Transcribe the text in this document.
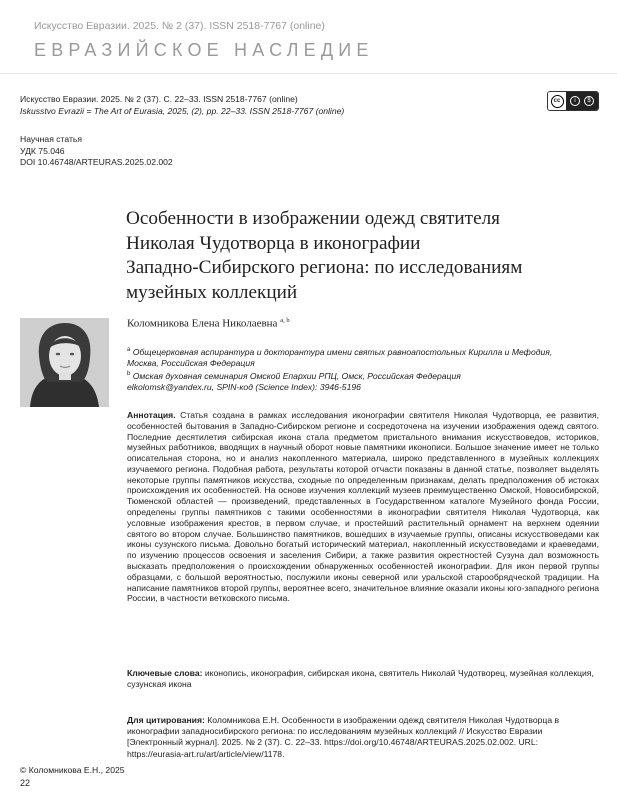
Искусство Евразии. 2025. № 2 (37). ISSN 2518-7767 (online)
ЕВРАЗИЙСКОЕ НАСЛЕДИЕ
Искусство Евразии. 2025. № 2 (37). С. 22–33. ISSN 2518-7767 (online)
Iskusstvo Evrazii = The Art of Eurasia, 2025, (2), pp. 22–33. ISSN 2518-7767 (online)
cc	i	$
Научная статья
УДК 75.046
DOI 10.46748/ARTEURAS.2025.02.002
Особенности в изображении одежд святителя
Николая Чудотворца в иконографии
Западно-Сибирского региона: по исследованиям
музейных коллекций
Коломникова Елена Николаевна $^{a, b}$
$^a$ Общецерковная аспирантура и докторантура имени святых равноапостольных Кирилла и Мефодия,
Москва, Российская Федерация
$^b$ Омская духовная семинария Омской Епархии РПЦ, Омск, Российская Федерация
elkolomsk@yandex.ru, SPIN-код (Science Index): 3946-5196
Аннотация. Статья создана в рамках исследования иконографии святителя Николая Чудотворца, ее развития, особенностей бытования в Западно-Сибирском регионе и сосредоточена на изучении изображения одежд святого. Последние десятилетия сибирская икона стала предметом пристального внимания искусствоведов, историков, музейных работников, вводящих в научный оборот новые памятники иконописи. Большое значение имеет не только описательная сторона, но и анализ накопленного материала, широко представленного в музейных коллекциях изучаемого региона. Подобная работа, результаты которой отчасти показаны в данной статье, позволяет выделять некоторые группы памятников искусства, сходные по определенным признакам, делать предположения об истоках происхождения их особенностей. На основе изучения коллекций музеев преимущественно Омской, Новосибирской, Тюменской областей — произведений, представленных в Государственном каталоге Музейного фонда России, определены группы памятников с такими особенностями в иконографии святителя Николая Чудотворца, как условные изображения крестов, в первом случае, и простейший растительный орнамент на верхнем одеянии святого во втором случае. Большинство памятников, вошедших в изучаемые группы, описаны искусствоведами как иконы сузунского письма. Довольно богатый исторический материал, накопленный искусствоведами и краеведами, по изучению процессов освоения и заселения Сибири, а также развития окрестностей Сузуна дал возможность высказать предположения о происхождении обнаруженных особенностей иконографии. Для икон первой группы образцами, с большой вероятностью, послужили иконы северной или уральской старообрядческой традиции. На написание памятников второй группы, вероятнее всего, значительное влияние оказали иконы юго-западного региона России, в частности ветковского письма.
Ключевые слова: иконопись, иконография, сибирская икона, святитель Николай Чудотворец, музейная коллекция, сузунская икона
Для цитирования: Коломникова Е.Н. Особенности в изображении одежд святителя Николая Чудотворца в иконографии западносибирского региона: по исследованиям музейных коллекций // Искусство Евразии [Электронный журнал]. 2025. № 2 (37). С. 22–33. https://doi.org/10.46748/ARTEURAS.2025.02.002. URL: https://eurasia-art.ru/art/article/view/1178.
© Коломникова Е.Н., 2025
22
